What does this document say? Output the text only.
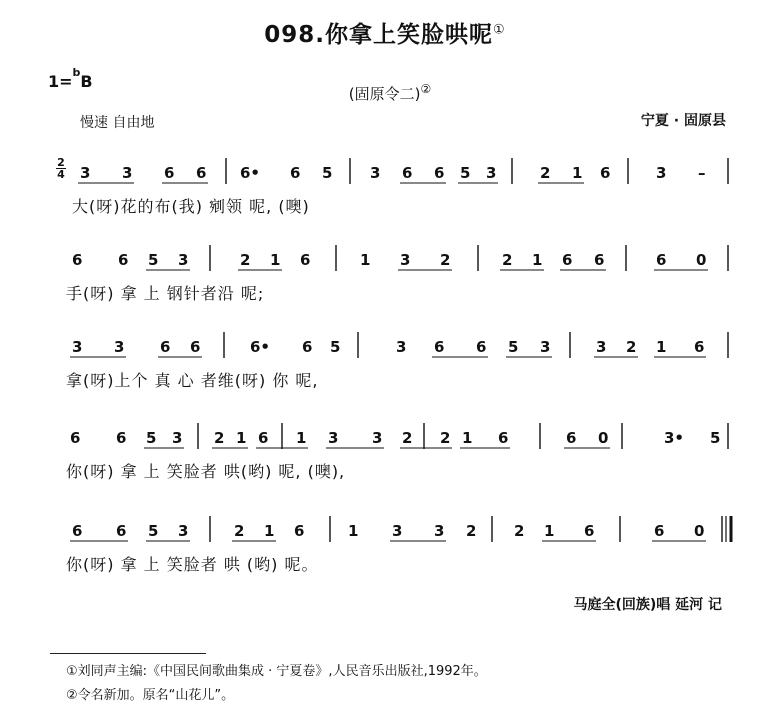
098.你拿上笑脸哄呢①
1=$^b$B
(固原令二)②
慢速 自由地	宁夏 · 固原县
2
4 3 3 6 6 6• 6 5	3 6 6 5 3	2 1 6	3 –
6 6 5 3	2 1 6	1 3 2	2 1 6 6	6 0
3 3 6 6	6• 6 5	3 6 6 5 3	3 2 1 6
6 6 5 3 2 1 6 1 3 3 2 2 1 6	6 0	3• 5
6 6 5 3	2 1 6	1 3 3 2	2 1 6	6 0
大(呀)花的布(我) 剜领 呢, (噢)
手(呀) 拿 上 钢针者沿 呢;
拿(呀)上个 真 心 者维(呀) 你 呢,
你(呀) 拿 上 笑脸者 哄(哟) 呢, (噢),
你(呀) 拿 上 笑脸者 哄 (哟) 呢。
马庭全(回族)唱 延河 记
①刘同声主编:《中国民间歌曲集成 · 宁夏卷》,人民音乐出版社,1992年。
②令名新加。原名“山花儿”。
